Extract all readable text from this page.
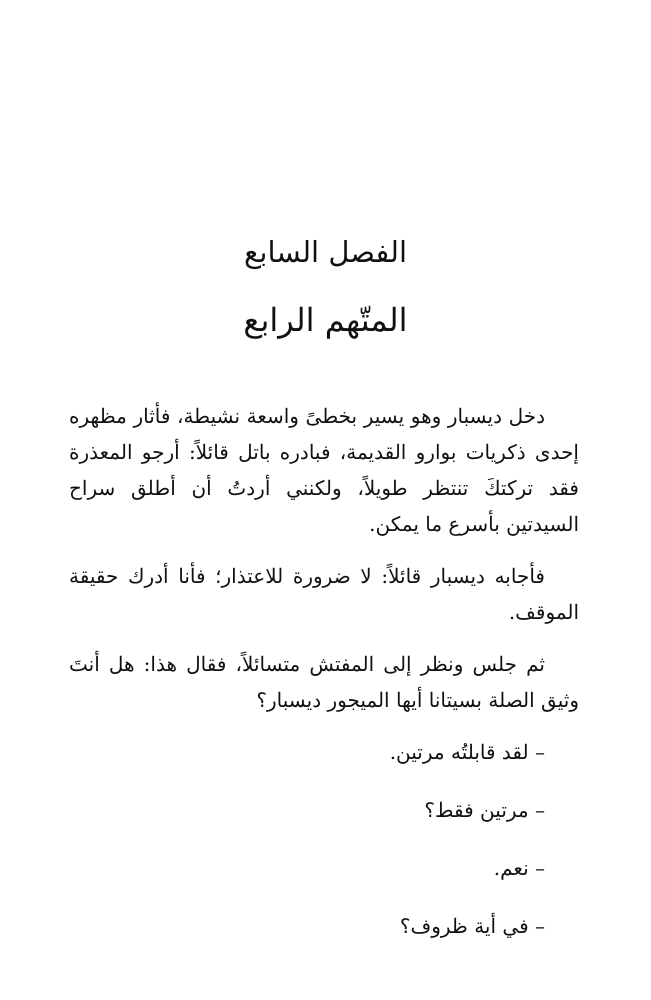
الفصل السابع
المتّهم الرابع

دخل ديسبار وهو يسير بخطىً واسعة نشيطة، فأثار مظهره إحدى ذكريات بوارو القديمة، فبادره باتل قائلاً: أرجو المعذرة فقد تركتكَ تنتظر طويلاً، ولكنني أردتُ أن أطلق سراح السيدتين بأسرع ما يمكن.

فأجابه ديسبار قائلاً: لا ضرورة للاعتذار؛ فأنا أدرك حقيقة الموقف.

ثم جلس ونظر إلى المفتش متسائلاً، فقال هذا: هل أنتَ وثيق الصلة بسيتانا أيها الميجور ديسبار؟

– لقد قابلتُه مرتين.

– مرتين فقط؟

– نعم.

– في أية ظروف؟
